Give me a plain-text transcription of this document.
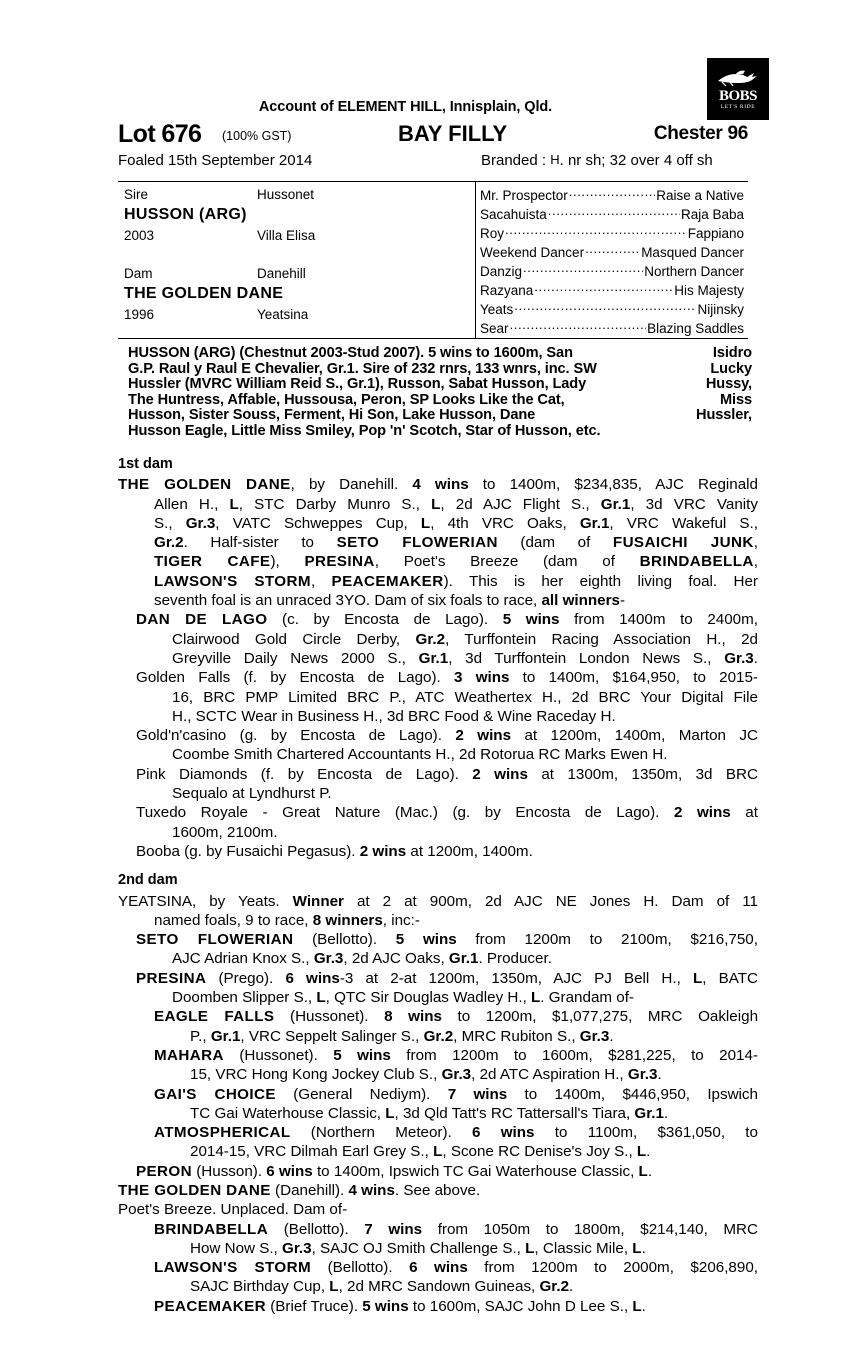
BOBS
LET'S RIDE
Account of ELEMENT HILL, Innisplain, Qld.
Lot 676 (100% GST)	BAY FILLY	Chester 96
Foaled 15th September 2014	Branded : H. nr sh; 32 over 4 off sh
Sire	Hussonet
HUSSON (ARG)
2003	Villa Elisa
Dam	Danehill
THE GOLDEN DANE
1996	Yeatsina
Mr. Prospector .....	Raise a Native
Sacahuista .....	Raja Baba
Roy .....	Fappiano
Weekend Dancer .....	Masqued Dancer
Danzig .....	Northern Dancer
Razyana .....	His Majesty
Yeats .....	Nijinsky
Sear .....	Blazing Saddles
HUSSON (ARG) (Chestnut 2003-Stud 2007). 5 wins to 1600m, San	Isidro
G.P. Raul y Raul E Chevalier, Gr.1. Sire of 232 rnrs, 133 wnrs, inc. SW	Lucky
Hussler (MVRC William Reid S., Gr.1), Russon, Sabat Husson, Lady	Hussy,
The Huntress, Affable, Hussousa, Peron, SP Looks Like the Cat,	Miss
Husson, Sister Souss, Ferment, Hi Son, Lake Husson, Dane	Hussler,
Husson Eagle, Little Miss Smiley, Pop 'n' Scotch, Star of Husson, etc.
1st dam
THE GOLDEN DANE, by Danehill. 4 wins to 1400m, $234,835, AJC Reginald
Allen H., L, STC Darby Munro S., L, 2d AJC Flight S., Gr.1, 3d VRC Vanity
S., Gr.3, VATC Schweppes Cup, L, 4th VRC Oaks, Gr.1, VRC Wakeful S.,
Gr.2. Half-sister to SETO FLOWERIAN (dam of FUSAICHI JUNK,
TIGER CAFE), PRESINA, Poet's Breeze (dam of BRINDABELLA,
LAWSON'S STORM, PEACEMAKER). This is her eighth living foal. Her
seventh foal is an unraced 3YO. Dam of six foals to race, all winners-
DAN DE LAGO (c. by Encosta de Lago). 5 wins from 1400m to 2400m,
Clairwood Gold Circle Derby, Gr.2, Turffontein Racing Association H., 2d
Greyville Daily News 2000 S., Gr.1, 3d Turffontein London News S., Gr.3.
Golden Falls (f. by Encosta de Lago). 3 wins to 1400m, $164,950, to 2015-
16, BRC PMP Limited BRC P., ATC Weathertex H., 2d BRC Your Digital File
H., SCTC Wear in Business H., 3d BRC Food & Wine Raceday H.
Gold'n'casino (g. by Encosta de Lago). 2 wins at 1200m, 1400m, Marton JC
Coombe Smith Chartered Accountants H., 2d Rotorua RC Marks Ewen H.
Pink Diamonds (f. by Encosta de Lago). 2 wins at 1300m, 1350m, 3d BRC
Sequalo at Lyndhurst P.
Tuxedo Royale - Great Nature (Mac.) (g. by Encosta de Lago). 2 wins at
1600m, 2100m.
Booba (g. by Fusaichi Pegasus). 2 wins at 1200m, 1400m.
2nd dam
YEATSINA, by Yeats. Winner at 2 at 900m, 2d AJC NE Jones H. Dam of 11
named foals, 9 to race, 8 winners, inc:-
SETO FLOWERIAN (Bellotto). 5 wins from 1200m to 2100m, $216,750,
AJC Adrian Knox S., Gr.3, 2d AJC Oaks, Gr.1. Producer.
PRESINA (Prego). 6 wins-3 at 2-at 1200m, 1350m, AJC PJ Bell H., L, BATC
Doomben Slipper S., L, QTC Sir Douglas Wadley H., L. Grandam of-
EAGLE FALLS (Hussonet). 8 wins to 1200m, $1,077,275, MRC Oakleigh
P., Gr.1, VRC Seppelt Salinger S., Gr.2, MRC Rubiton S., Gr.3.
MAHARA (Hussonet). 5 wins from 1200m to 1600m, $281,225, to 2014-
15, VRC Hong Kong Jockey Club S., Gr.3, 2d ATC Aspiration H., Gr.3.
GAI'S CHOICE (General Nediym). 7 wins to 1400m, $446,950, Ipswich
TC Gai Waterhouse Classic, L, 3d Qld Tatt's RC Tattersall's Tiara, Gr.1.
ATMOSPHERICAL (Northern Meteor). 6 wins to 1100m, $361,050, to
2014-15, VRC Dilmah Earl Grey S., L, Scone RC Denise's Joy S., L.
PERON (Husson). 6 wins to 1400m, Ipswich TC Gai Waterhouse Classic, L.
THE GOLDEN DANE (Danehill). 4 wins. See above.
Poet's Breeze. Unplaced. Dam of-
BRINDABELLA (Bellotto). 7 wins from 1050m to 1800m, $214,140, MRC
How Now S., Gr.3, SAJC OJ Smith Challenge S., L, Classic Mile, L.
LAWSON'S STORM (Bellotto). 6 wins from 1200m to 2000m, $206,890,
SAJC Birthday Cup, L, 2d MRC Sandown Guineas, Gr.2.
PEACEMAKER (Brief Truce). 5 wins to 1600m, SAJC John D Lee S., L.
